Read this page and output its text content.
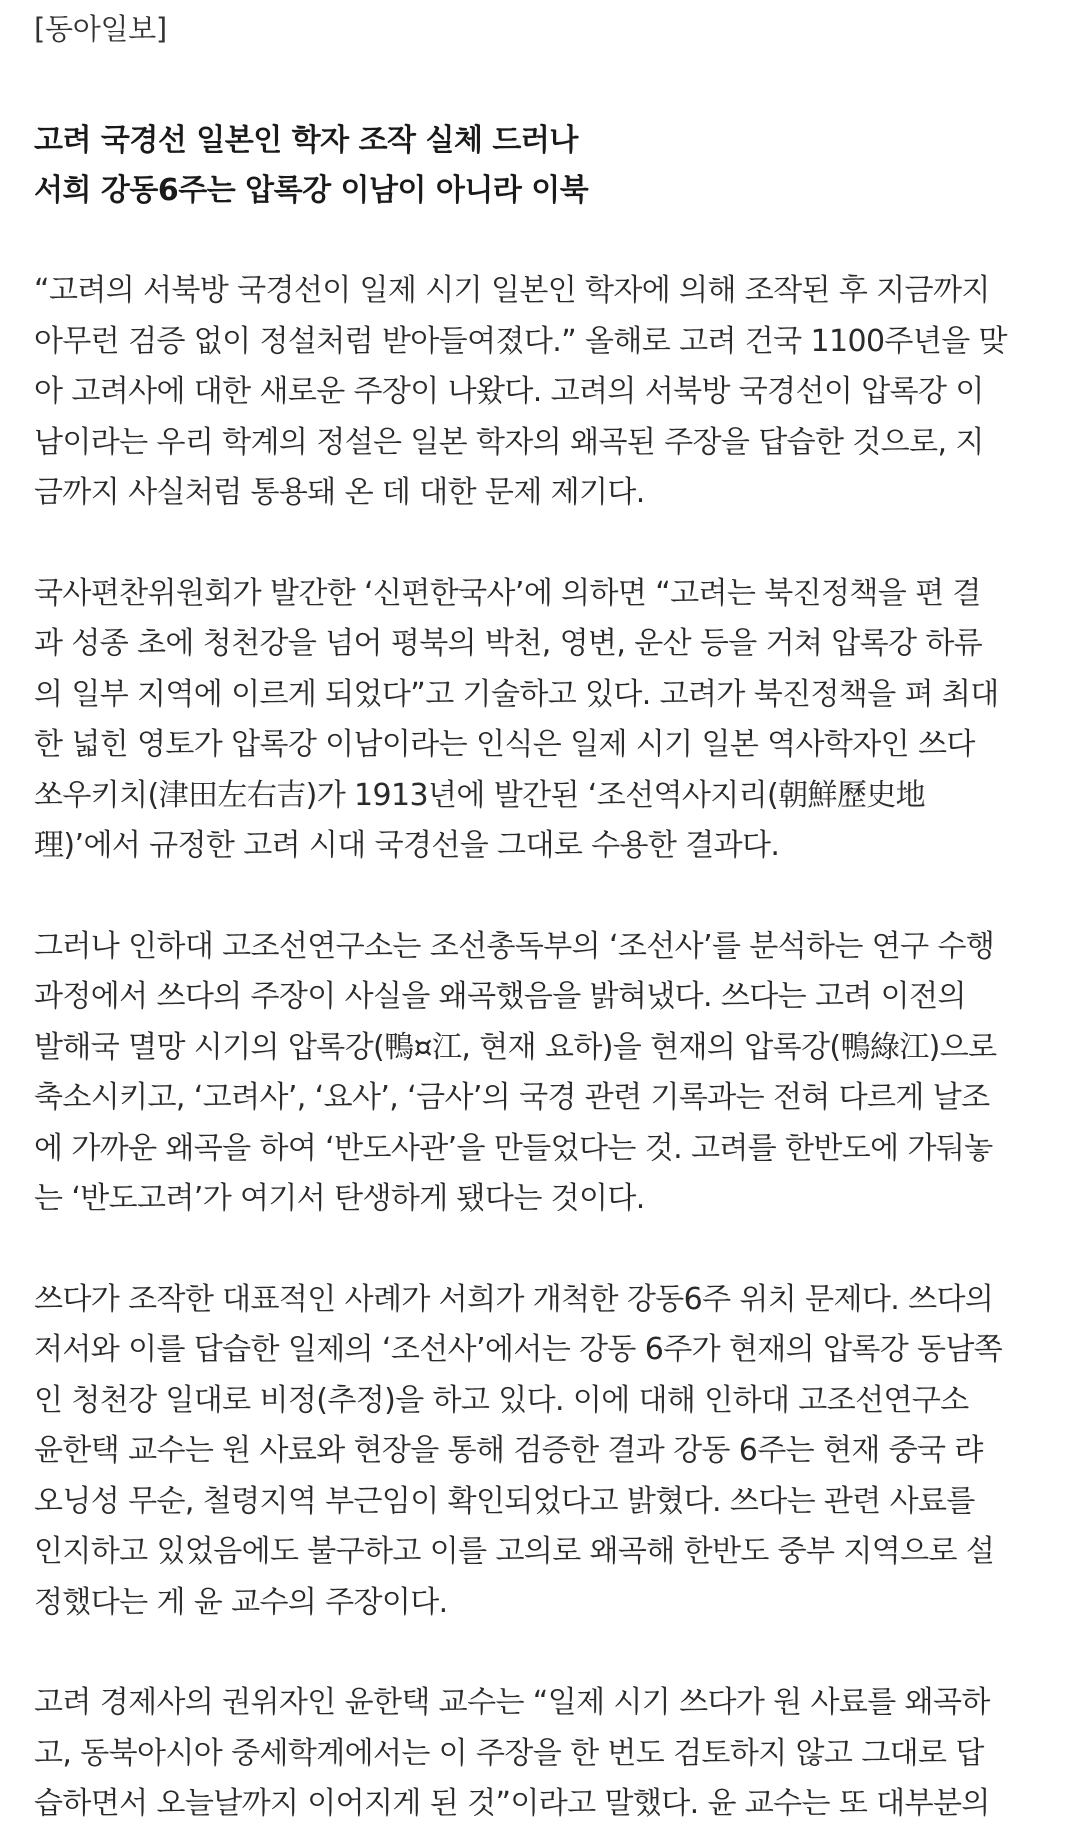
[동아일보]
고려 국경선 일본인 학자 조작 실체 드러나
서희 강동6주는 압록강 이남이 아니라 이북
“고려의 서북방 국경선이 일제 시기 일본인 학자에 의해 조작된 후 지금까지
아무런 검증 없이 정설처럼 받아들여졌다.” 올해로 고려 건국 1100주년을 맞
아 고려사에 대한 새로운 주장이 나왔다. 고려의 서북방 국경선이 압록강 이
남이라는 우리 학계의 정설은 일본 학자의 왜곡된 주장을 답습한 것으로, 지
금까지 사실처럼 통용돼 온 데 대한 문제 제기다.
국사편찬위원회가 발간한 ‘신편한국사’에 의하면 “고려는 북진정책을 편 결
과 성종 초에 청천강을 넘어 평북의 박천, 영변, 운산 등을 거쳐 압록강 하류
의 일부 지역에 이르게 되었다”고 기술하고 있다. 고려가 북진정책을 펴 최대
한 넓힌 영토가 압록강 이남이라는 인식은 일제 시기 일본 역사학자인 쓰다
쏘우키치(津田左右吉)가 1913년에 발간된 ‘조선역사지리(朝鮮歷史地
理)’에서 규정한 고려 시대 국경선을 그대로 수용한 결과다.
그러나 인하대 고조선연구소는 조선총독부의 ‘조선사’를 분석하는 연구 수행
과정에서 쓰다의 주장이 사실을 왜곡했음을 밝혀냈다. 쓰다는 고려 이전의
발해국 멸망 시기의 압록강(鴨¤江, 현재 요하)을 현재의 압록강(鴨綠江)으로
축소시키고, ‘고려사’, ‘요사’, ‘금사’의 국경 관련 기록과는 전혀 다르게 날조
에 가까운 왜곡을 하여 ‘반도사관’을 만들었다는 것. 고려를 한반도에 가둬놓
는 ‘반도고려’가 여기서 탄생하게 됐다는 것이다.
쓰다가 조작한 대표적인 사례가 서희가 개척한 강동6주 위치 문제다. 쓰다의
저서와 이를 답습한 일제의 ‘조선사’에서는 강동 6주가 현재의 압록강 동남쪽
인 청천강 일대로 비정(추정)을 하고 있다. 이에 대해 인하대 고조선연구소
윤한택 교수는 원 사료와 현장을 통해 검증한 결과 강동 6주는 현재 중국 랴
오닝성 무순, 철령지역 부근임이 확인되었다고 밝혔다. 쓰다는 관련 사료를
인지하고 있었음에도 불구하고 이를 고의로 왜곡해 한반도 중부 지역으로 설
정했다는 게 윤 교수의 주장이다.
고려 경제사의 권위자인 윤한택 교수는 “일제 시기 쓰다가 원 사료를 왜곡하
고, 동북아시아 중세학계에서는 이 주장을 한 번도 검토하지 않고 그대로 답
습하면서 오늘날까지 이어지게 된 것”이라고 말했다. 윤 교수는 또 대부분의
